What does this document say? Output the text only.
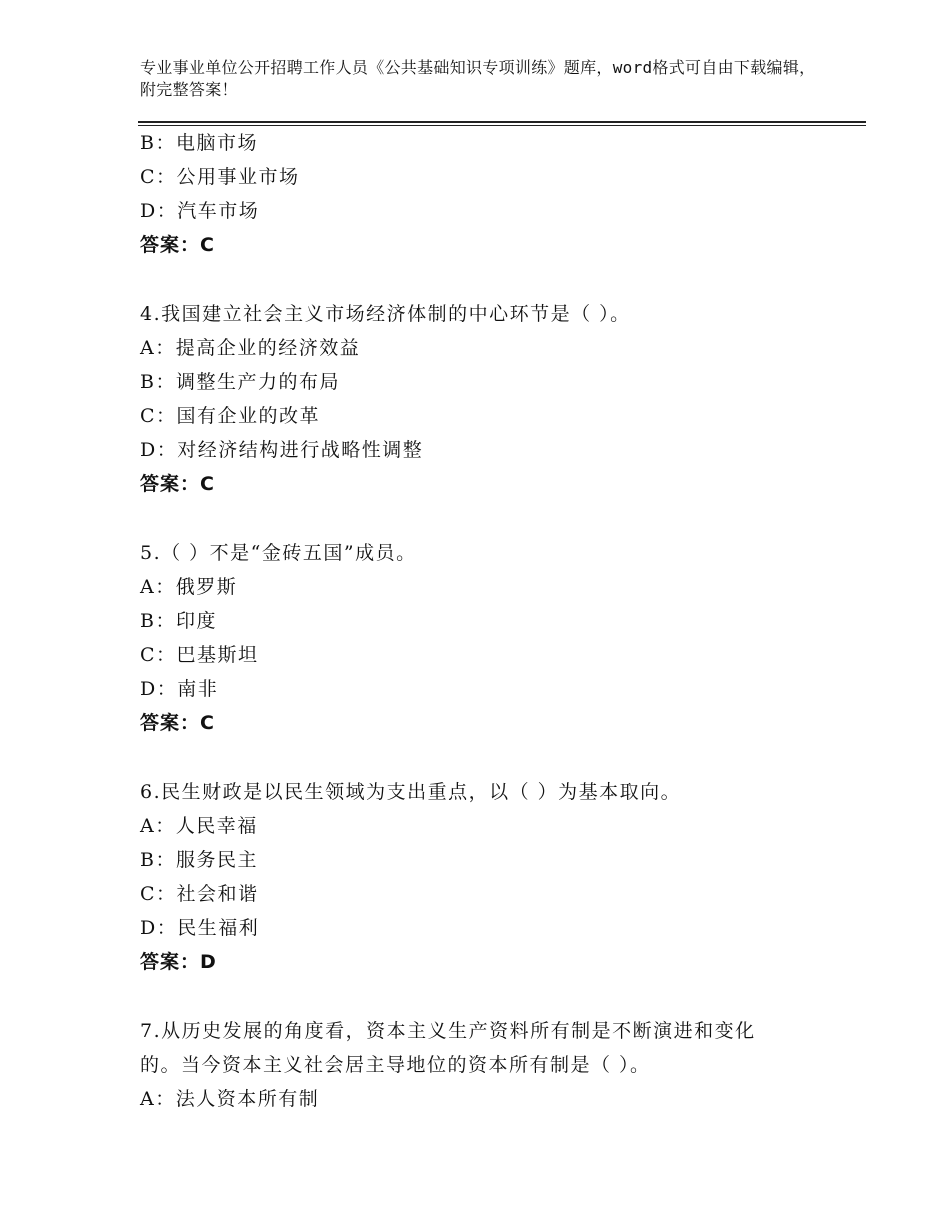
专业事业单位公开招聘工作人员《公共基础知识专项训练》题库，word格式可自由下载编辑，附完整答案！
B：电脑市场
C：公用事业市场
D：汽车市场
答案：C
4.我国建立社会主义市场经济体制的中心环节是（ ）。
A：提高企业的经济效益
B：调整生产力的布局
C：国有企业的改革
D：对经济结构进行战略性调整
答案：C
5.（ ）不是“金砖五国”成员。
A：俄罗斯
B：印度
C：巴基斯坦
D：南非
答案：C
6.民生财政是以民生领域为支出重点，以（ ）为基本取向。
A：人民幸福
B：服务民主
C：社会和谐
D：民生福利
答案：D
7.从历史发展的角度看，资本主义生产资料所有制是不断演进和变化
的。当今资本主义社会居主导地位的资本所有制是（ ）。
A：法人资本所有制
